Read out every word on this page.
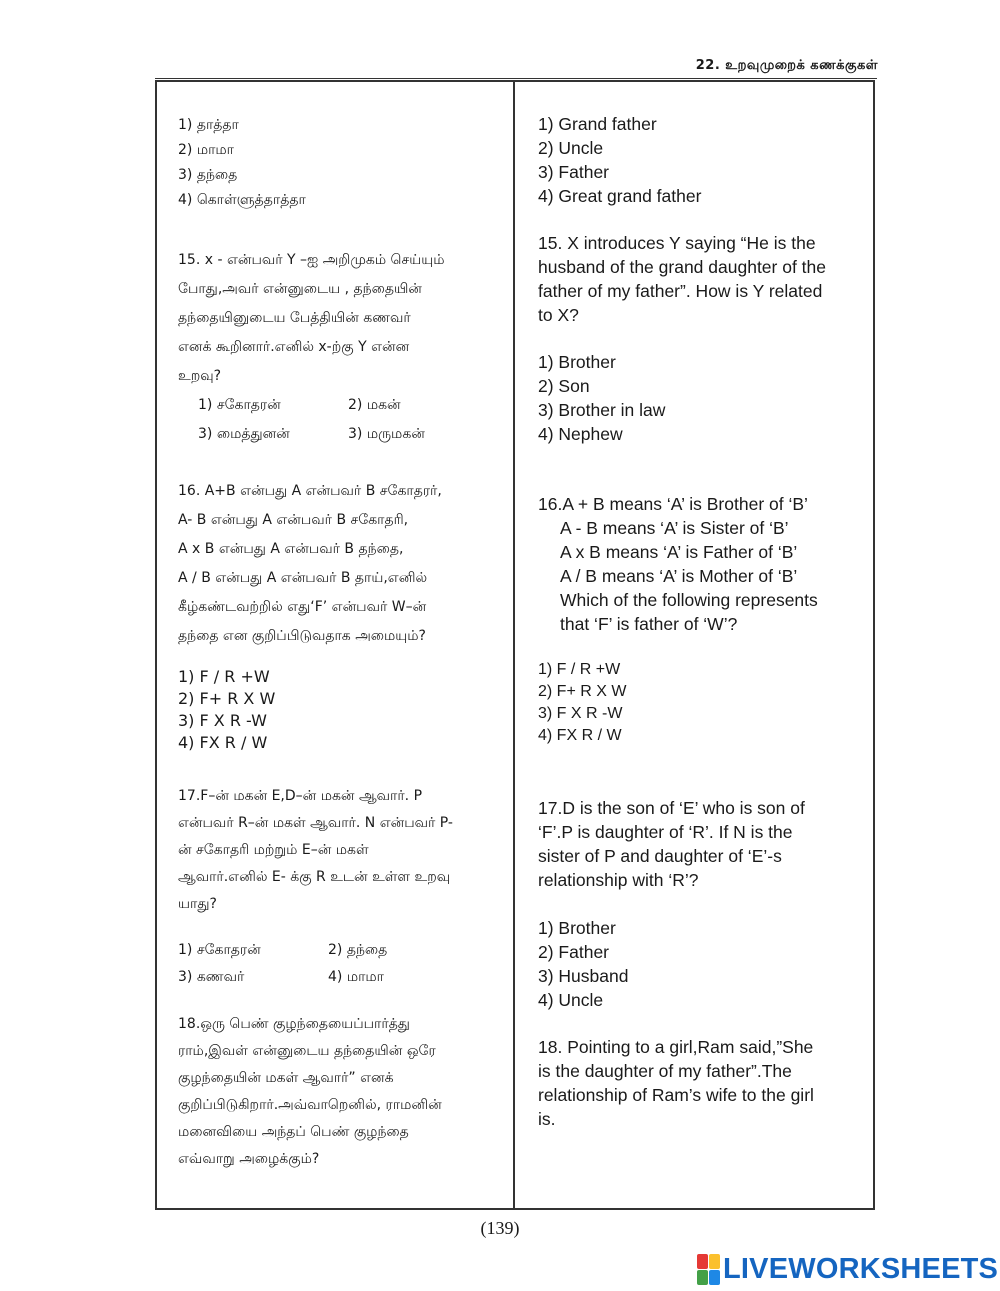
22. உறவுமுறைக் கணக்குகள்
1) தாத்தா
2) மாமா
3) தந்தை
4) கொள்ளுத்தாத்தா
15. x - என்பவர் Y –ஐ அறிமுகம் செய்யும்
போது,அவர் என்னுடைய , தந்தையின்
தந்தையினுடைய பேத்தியின் கணவர்
எனக் கூறினார்.எனில் x-ற்கு Y என்ன
உறவு?
1) சகோதரன்	2) மகன்
3) மைத்துனன்	3) மருமகன்
16. A+B என்பது A என்பவர் B சகோதரர்,
A- B என்பது A என்பவர் B சகோதரி,
A x B என்பது A என்பவர் B தந்தை,
A / B என்பது A என்பவர் B தாய்,எனில்
கீழ்கண்டவற்றில் எது‘F’ என்பவர் W–ன்
தந்தை என குறிப்பிடுவதாக அமையும்?
1) F / R +W
2) F+ R X W
3) F X R -W
4) FX R / W
17.F–ன் மகன் E,D–ன் மகன் ஆவார். P
என்பவர் R–ன் மகள் ஆவார். N என்பவர் P-
ன் சகோதரி மற்றும் E–ன் மகள்
ஆவார்.எனில் E- க்கு R உடன் உள்ள உறவு
யாது?
1) சகோதரன்	2) தந்தை
3) கணவர்	4) மாமா
18.ஒரு பெண் குழந்தையைப்பார்த்து
ராம்,இவள் என்னுடைய தந்தையின் ஒரே
குழந்தையின் மகள் ஆவார்” எனக்
குறிப்பிடுகிறார்.அவ்வாறெனில், ராமனின்
மனைவியை அந்தப் பெண் குழந்தை
எவ்வாறு அழைக்கும்?
1) Grand father
2) Uncle
3) Father
4) Great grand father
15. X introduces Y saying “He is the
husband of the grand daughter of the
father of my father”. How is Y related
to X?
1) Brother
2) Son
3) Brother in law
4) Nephew
16.A + B means ‘A’ is Brother of ‘B’
A - B means ‘A’ is Sister of ‘B’
A x B means ‘A’ is Father of ‘B’
A / B means ‘A’ is Mother of ‘B’
Which of the following represents
that ‘F’ is father of ‘W’?
1) F / R +W
2) F+ R X W
3) F X R -W
4) FX R / W
17.D is the son of ‘E’ who is son of
‘F’.P is daughter of ‘R’. If N is the
sister of P and daughter of ‘E’-s
relationship with ‘R’?
1) Brother
2) Father
3) Husband
4) Uncle
18. Pointing to a girl,Ram said,”She
is the daughter of my father”.The
relationship of Ram’s wife to the girl
is.
(139)
LIVEWORKSHEETS
